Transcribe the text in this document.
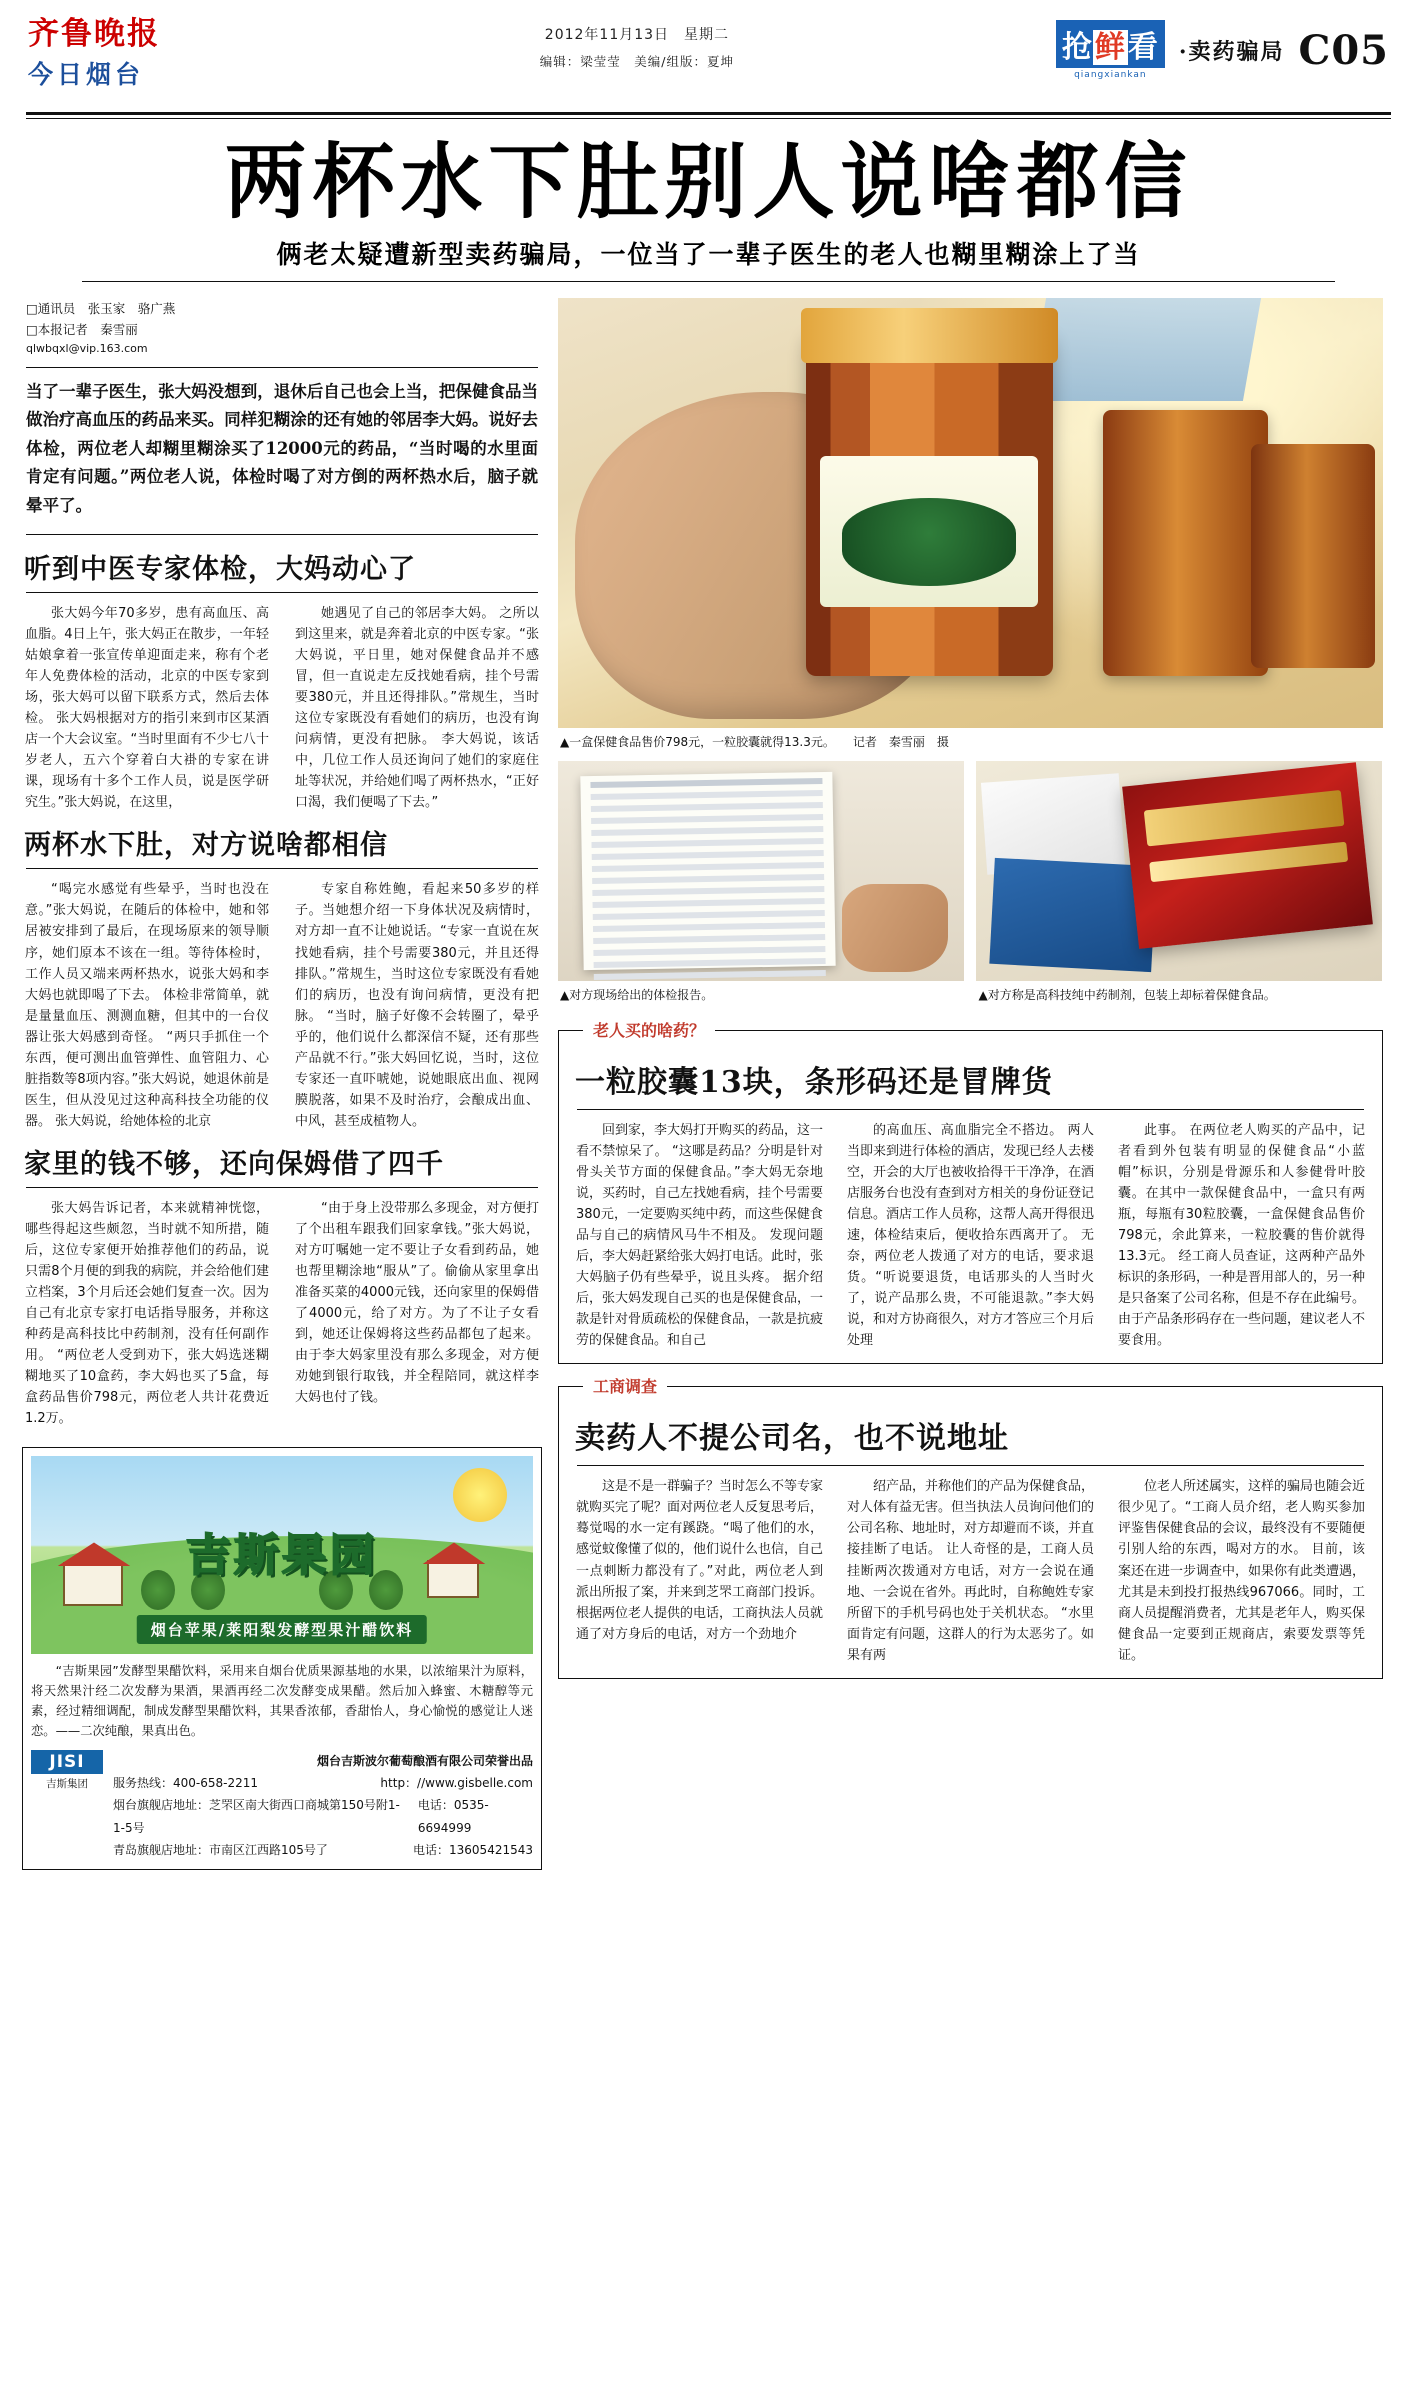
齐鲁晚报
今日烟台
2012年11月13日　星期二
编辑：梁莹莹　美编/组版：夏坤	抢鲜看
qiangxiankan
·卖药骗局 C05
两杯水下肚别人说啥都信
俩老太疑遭新型卖药骗局，一位当了一辈子医生的老人也糊里糊涂上了当
□通讯员　张玉家　骆广燕
□本报记者　秦雪丽
qlwbqxl@vip.163.com
当了一辈子医生，张大妈没想到，退休后自己也会上当，把保健食品当做治疗高血压的药品来买。同样犯糊涂的还有她的邻居李大妈。说好去体检，两位老人却糊里糊涂买了12000元的药品，“当时喝的水里面肯定有问题。”两位老人说，体检时喝了对方倒的两杯热水后，脑子就晕平了。
听到中医专家体检，大妈动心了
张大妈今年70多岁，患有高血压、高血脂。4日上午，张大妈正在散步，一年轻姑娘拿着一张宣传单迎面走来，称有个老年人免费体检的活动，北京的中医专家到场，张大妈可以留下联系方式，然后去体检。 张大妈根据对方的指引来到市区某酒店一个大会议室。“当时里面有不少七八十岁老人，五六个穿着白大褂的专家在讲课，现场有十多个工作人员，说是医学研究生。”张大妈说，在这里，
她遇见了自己的邻居李大妈。 之所以到这里来，就是奔着北京的中医专家。“张大妈说，平日里，她对保健食品并不感冒，但一直说走左反找她看病，挂个号需要380元，并且还得排队。”常规生，当时这位专家既没有看她们的病历，也没有询问病情，更没有把脉。 李大妈说，该话中，几位工作人员还询问了她们的家庭住址等状况，并给她们喝了两杯热水，“正好口渴，我们便喝了下去。”
两杯水下肚，对方说啥都相信
“喝完水感觉有些晕乎，当时也没在意。”张大妈说，在随后的体检中，她和邻居被安排到了最后，在现场原来的领导顺序，她们原本不该在一组。等待体检时，工作人员又端来两杯热水，说张大妈和李大妈也就即喝了下去。 体检非常简单，就是量量血压、测测血糖，但其中的一台仪器让张大妈感到奇怪。 “两只手抓住一个东西，便可测出血管弹性、血管阻力、心脏指数等8项内容。”张大妈说，她退休前是医生，但从没见过这种高科技全功能的仪器。 张大妈说，给她体检的北京
专家自称姓鲍，看起来50多岁的样子。当她想介绍一下身体状况及病情时，对方却一直不让她说话。“专家一直说在灰找她看病，挂个号需要380元，并且还得排队。”常规生，当时这位专家既没有看她们的病历，也没有询问病情，更没有把脉。 “当时，脑子好像不会转圈了，晕乎乎的，他们说什么都深信不疑，还有那些产品就不行。”张大妈回忆说，当时，这位专家还一直吓唬她，说她眼底出血、视网膜脱落，如果不及时治疗，会酿成出血、中风，甚至成植物人。
家里的钱不够，还向保姆借了四千
张大妈告诉记者，本来就精神恍惚，哪些得起这些颇忽，当时就不知所措，随后，这位专家便开始推荐他们的药品，说只需8个月便的到我的病院，并会给他们建立档案，3个月后还会她们复查一次。因为自己有北京专家打电话指导服务，并称这种药是高科技比中药制剂，没有任何副作用。 “两位老人受到劝下，张大妈选迷糊糊地买了10盒药，李大妈也买了5盒，每盒药品售价798元，两位老人共计花费近1.2万。
“由于身上没带那么多现金，对方便打了个出租车跟我们回家拿钱。”张大妈说，对方叮嘱她一定不要让子女看到药品，她也帮里糊涂地“服从”了。偷偷从家里拿出准备买菜的4000元钱，还向家里的保姆借了4000元，给了对方。为了不让子女看到，她还让保姆将这些药品都包了起来。 由于李大妈家里没有那么多现金，对方便劝她到银行取钱，并全程陪同，就这样李大妈也付了钱。
吉斯果园
烟台苹果/莱阳梨发酵型果汁醋饮料
“吉斯果园”发酵型果醋饮料，采用来自烟台优质果源基地的水果，以浓缩果汁为原料，将天然果汁经二次发酵为果酒，果酒再经二次发酵变成果醋。然后加入蜂蜜、木糖醇等元素，经过精细调配，制成发酵型果醋饮料，其果香浓郁，香甜怡人，身心愉悦的感觉让人迷恋。——二次纯酿，果真出色。
JISI
吉斯集团
烟台吉斯波尔葡萄酿酒有限公司荣誉出品
服务热线：400-658-2211	http：//www.gisbelle.com
烟台旗舰店地址：芝罘区南大街西口商城第150号附1-1-5号
电话：0535-6694999
青岛旗舰店地址：市南区江西路105号了	电话：13605421543
▲一盒保健食品售价798元，一粒胶囊就得13.3元。　　记者　秦雪丽　摄
▲对方现场给出的体检报告。	▲对方称是高科技纯中药制剂，包装上却标着保健食品。
老人买的啥药？
一粒胶囊13块，条形码还是冒牌货
回到家，李大妈打开购买的药品，这一看不禁惊呆了。 “这哪是药品？分明是针对骨头关节方面的保健食品。”李大妈无奈地说，买药时，自己左找她看病，挂个号需要380元，一定要购买纯中药，而这些保健食品与自己的病情风马牛不相及。 发现问题后，李大妈赶紧给张大妈打电话。此时，张大妈脑子仍有些晕乎，说且头疼。 据介绍后，张大妈发现自己买的也是保健食品，一款是针对骨质疏松的保健食品，一款是抗疲劳的保健食品。和自己
的高血压、高血脂完全不搭边。 两人当即来到进行体检的酒店，发现已经人去楼空，开会的大厅也被收拾得干干净净，在酒店服务台也没有查到对方相关的身份证登记信息。酒店工作人员称，这帮人高开得很迅速，体检结束后，便收拾东西离开了。 无奈，两位老人拨通了对方的电话，要求退货。“听说要退货，电话那头的人当时火了，说产品那么贵，不可能退款。”李大妈说，和对方协商很久，对方才答应三个月后处理
此事。 在两位老人购买的产品中，记者看到外包装有明显的保健食品“小蓝帽”标识，分别是骨源乐和人参健骨叶胶囊。在其中一款保健食品中，一盒只有两瓶，每瓶有30粒胶囊，一盒保健食品售价798元，余此算来，一粒胶囊的售价就得13.3元。 经工商人员查证，这两种产品外标识的条形码，一种是晋用部人的，另一种是只备案了公司名称，但是不存在此编号。由于产品条形码存在一些问题，建议老人不要食用。
工商调查
卖药人不提公司名，也不说地址
这是不是一群骗子？当时怎么不等专家就购买完了呢？面对两位老人反复思考后，蓦觉喝的水一定有蹊跷。“喝了他们的水，感觉蚊像懂了似的，他们说什么也信，自己一点刺断力都没有了。”对此，两位老人到派出所报了案，并来到芝罘工商部门投诉。 根据两位老人提供的电话，工商执法人员就通了对方身后的电话，对方一个劲地介
绍产品，并称他们的产品为保健食品，对人体有益无害。但当执法人员询问他们的公司名称、地址时，对方却避而不谈，并直接挂断了电话。 让人奇怪的是，工商人员挂断两次拨通对方电话，对方一会说在通地、一会说在省外。再此时，自称鲍姓专家所留下的手机号码也处于关机状态。 “水里面肯定有问题，这群人的行为太恶劣了。如果有两
位老人所述属实，这样的骗局也随会近很少见了。“工商人员介绍，老人购买参加评鉴售保健食品的会议，最终没有不要随便引别人给的东西，喝对方的水。 目前，该案还在进一步调查中，如果你有此类遭遇，尤其是未到投打报热线967066。同时，工商人员提醒消费者，尤其是老年人，购买保健食品一定要到正规商店，索要发票等凭证。
